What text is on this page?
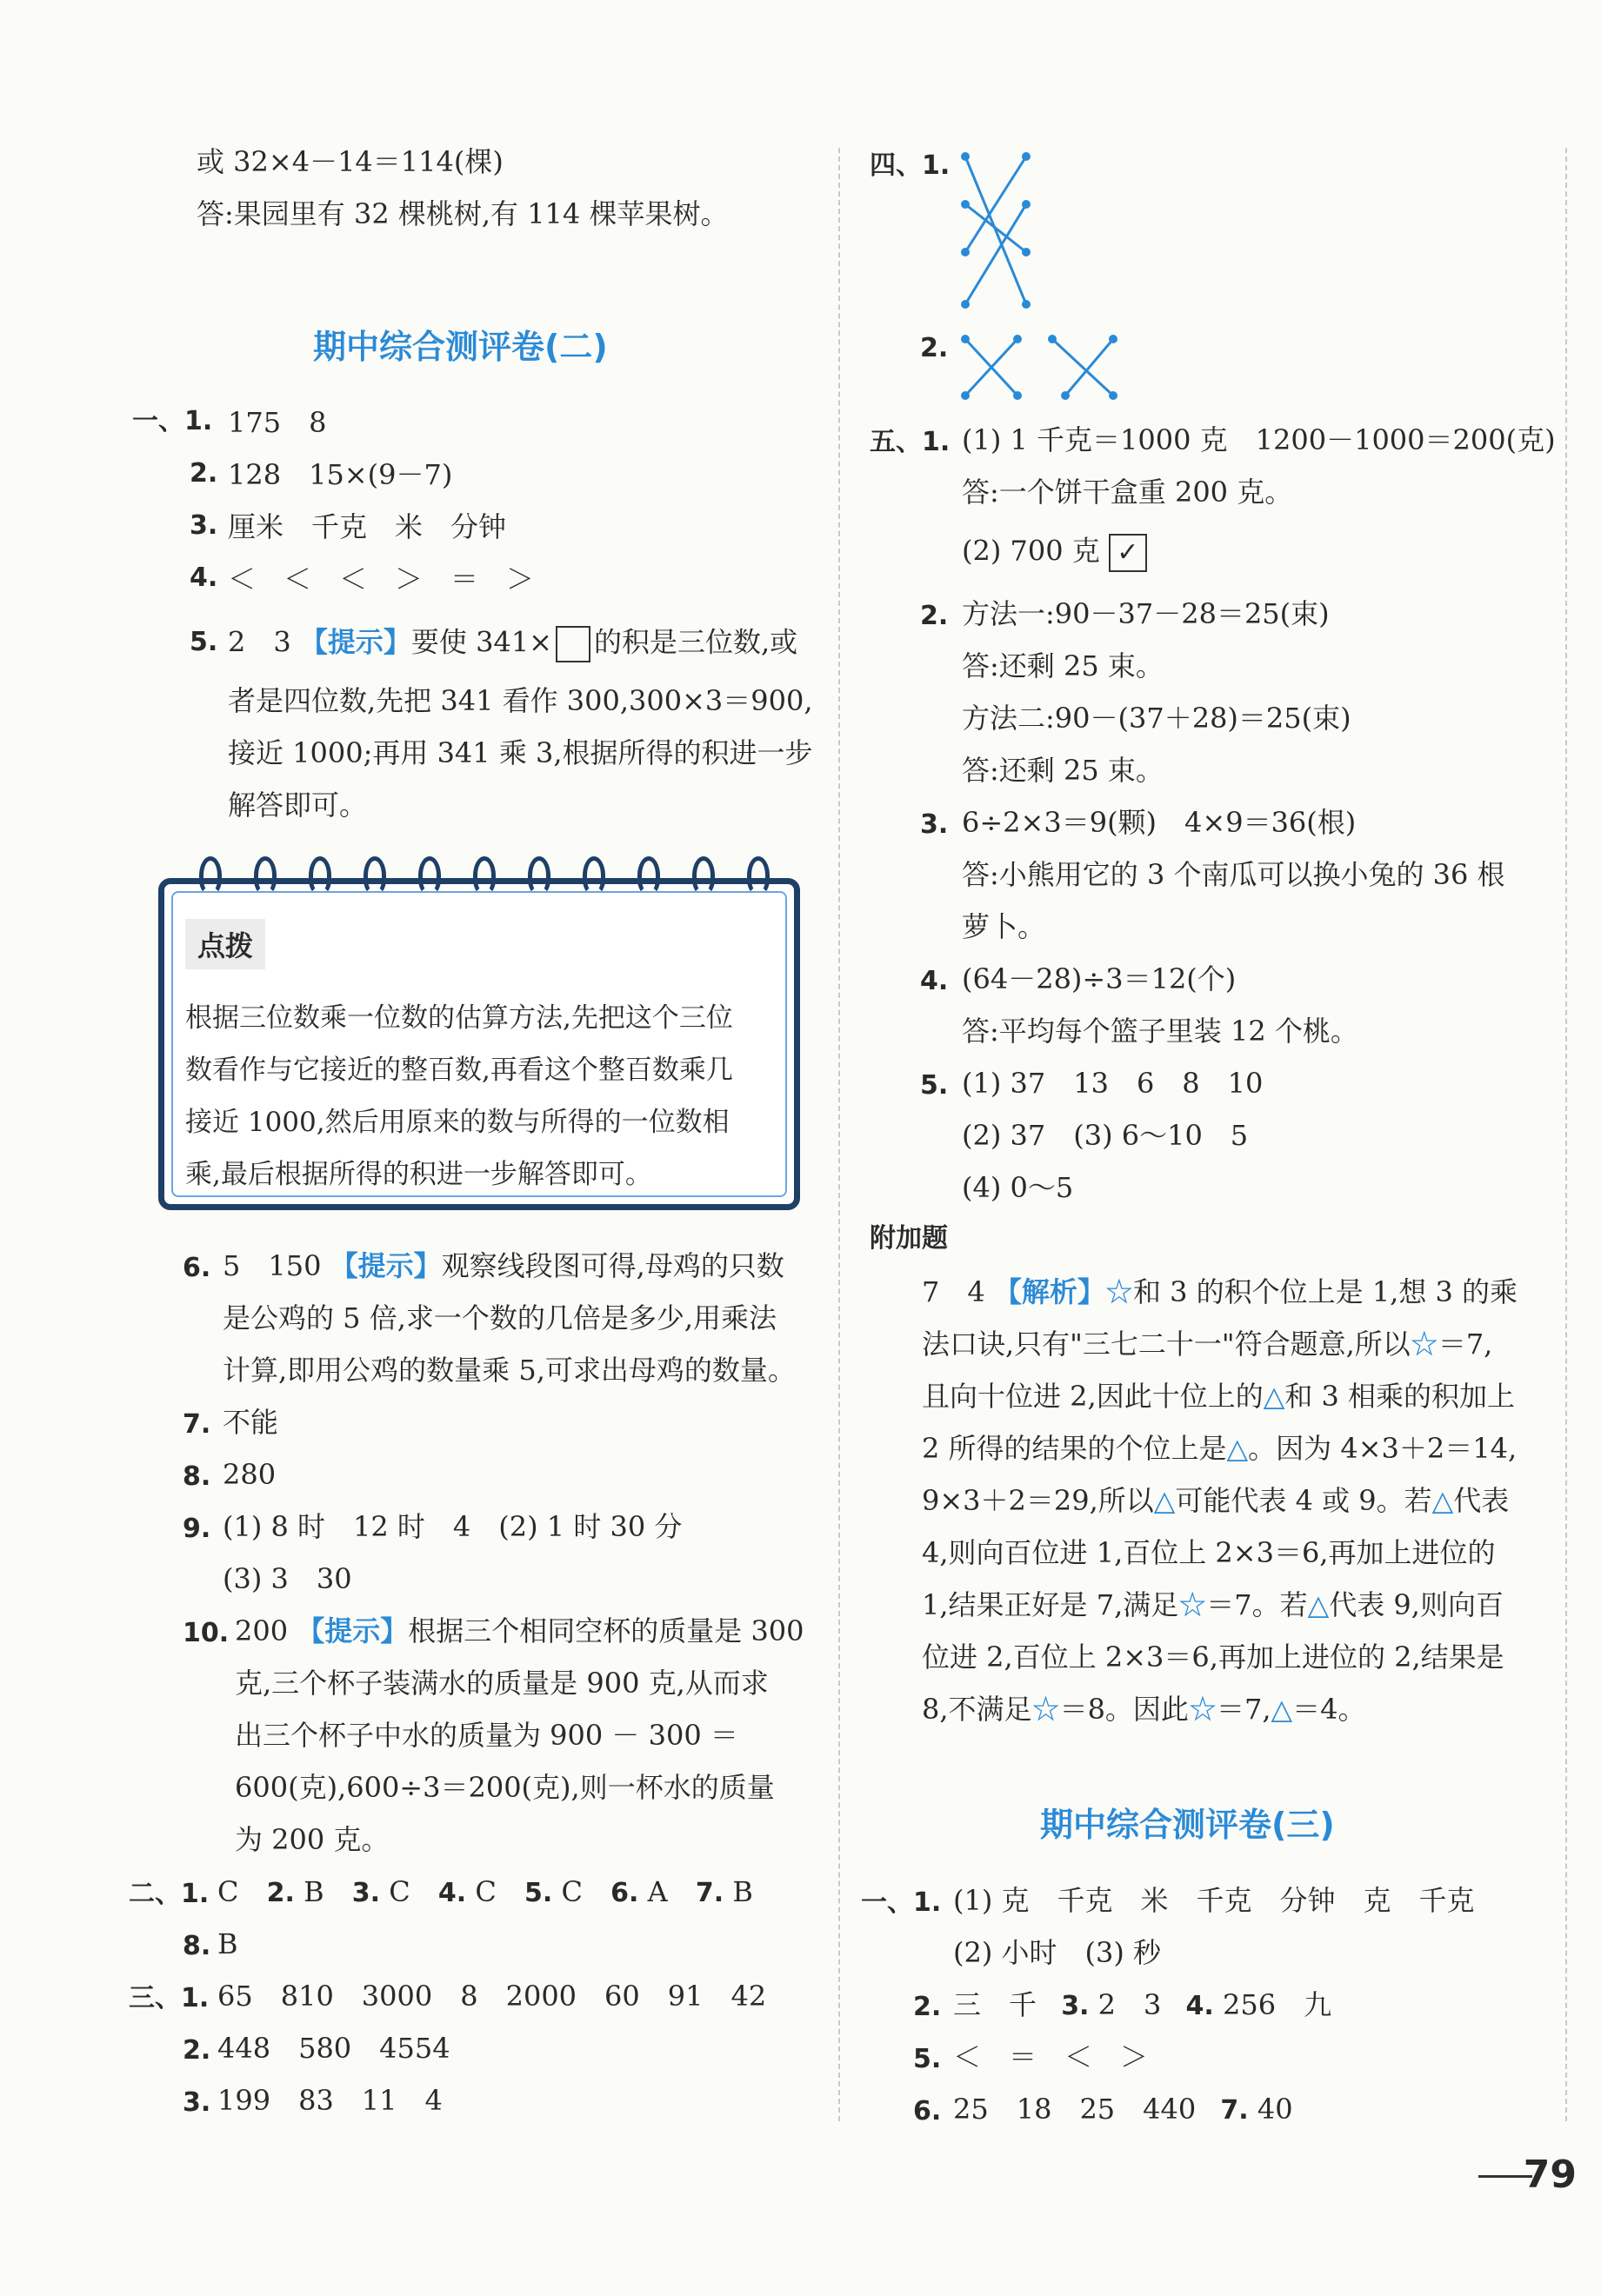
或 32×4－14＝114(棵)
答:果园里有 32 棵桃树,有 114 棵苹果树。
期中综合测评卷(二)
一、1. 175　8
2. 128　15×(9－7)
3. 厘米　千克　米　分钟
4. ＜　＜　＜　＞　＝　＞
5. 2　3 【提示】要使 341× 的积是三位数,或
者是四位数,先把 341 看作 300,300×3＝900,
接近 1000;再用 341 乘 3,根据所得的积进一步
解答即可。
点拨
根据三位数乘一位数的估算方法,先把这个三位
数看作与它接近的整百数,再看这个整百数乘几
接近 1000,然后用原来的数与所得的一位数相
乘,最后根据所得的积进一步解答即可。
6. 5　150 【提示】观察线段图可得,母鸡的只数
是公鸡的 5 倍,求一个数的几倍是多少,用乘法
计算,即用公鸡的数量乘 5,可求出母鸡的数量。
7. 不能
8. 280
9. (1) 8 时　12 时　4　(2) 1 时 30 分
(3) 3　30
10. 200 【提示】根据三个相同空杯的质量是 300
克,三个杯子装满水的质量是 900 克,从而求
出三个杯子中水的质量为 900 － 300 ＝
600(克),600÷3＝200(克),则一杯水的质量
为 200 克。
二、1. C 2. B 3. C 4. C 5. C 6. A 7. B
8. B
三、1. 65　810　3000　8　2000　60　91　42
2. 448　580　4554
3. 199　83　11　4
四、1.
2.
五、1. (1) 1 千克＝1000 克　1200－1000＝200(克)
答:一个饼干盒重 200 克。
(2) 700 克 ✓
2. 方法一:90－37－28＝25(束)
答:还剩 25 束。
方法二:90－(37＋28)＝25(束)
答:还剩 25 束。
3. 6÷2×3＝9(颗)　4×9＝36(根)
答:小熊用它的 3 个南瓜可以换小兔的 36 根
萝卜。
4. (64－28)÷3＝12(个)
答:平均每个篮子里装 12 个桃。
5. (1) 37　13　6　8　10
(2) 37　(3) 6～10　5
(4) 0～5
附加题
7　4 【解析】☆和 3 的积个位上是 1,想 3 的乘
法口诀,只有"三七二十一"符合题意,所以☆＝7,
且向十位进 2,因此十位上的△和 3 相乘的积加上
2 所得的结果的个位上是△。因为 4×3＋2＝14,
9×3＋2＝29,所以△可能代表 4 或 9。若△代表
4,则向百位进 1,百位上 2×3＝6,再加上进位的
1,结果正好是 7,满足☆＝7。若△代表 9,则向百
位进 2,百位上 2×3＝6,再加上进位的 2,结果是
8,不满足☆＝8。因此☆＝7,△＝4。
期中综合测评卷(三)
一、1. (1) 克　千克　米　千克　分钟　克　千克
(2) 小时　(3) 秒
三　千 3. 2　3 4. 256　九
2.
5. ＜　＝　＜　＞
6. 25　18　25　440 7. 40
79
